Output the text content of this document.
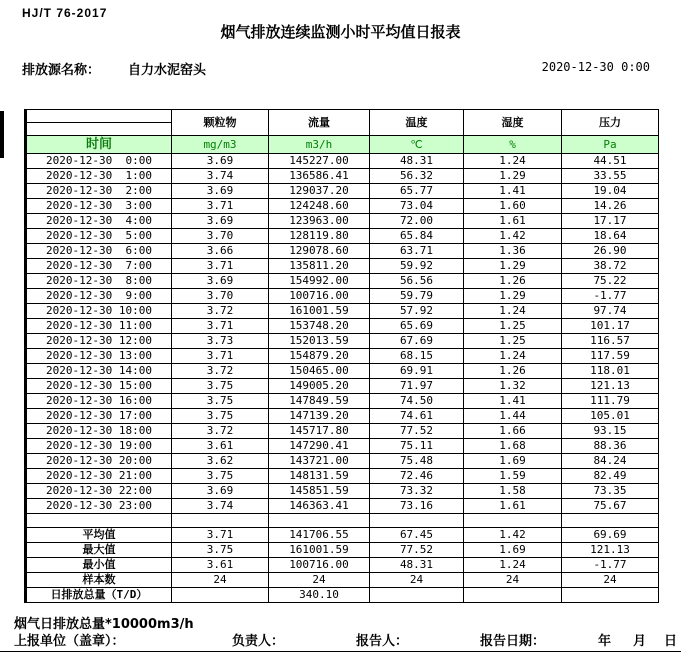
HJ/T 76-2017
烟气排放连续监测小时平均值日报表
排放源名称： 自力水泥窑头	2020-12-30 0:00
	颗粒物	流量	温度	湿度	压力

时间	mg/m3	m3/h	℃	%	Pa
2020-12-30  0:00	3.69	145227.00	48.31	1.24	44.51
2020-12-30  1:00	3.74	136586.41	56.32	1.29	33.55
2020-12-30  2:00	3.69	129037.20	65.77	1.41	19.04
2020-12-30  3:00	3.71	124248.60	73.04	1.60	14.26
2020-12-30  4:00	3.69	123963.00	72.00	1.61	17.17
2020-12-30  5:00	3.70	128119.80	65.84	1.42	18.64
2020-12-30  6:00	3.66	129078.60	63.71	1.36	26.90
2020-12-30  7:00	3.71	135811.20	59.92	1.29	38.72
2020-12-30  8:00	3.69	154992.00	56.56	1.26	75.22
2020-12-30  9:00	3.70	100716.00	59.79	1.29	-1.77
2020-12-30 10:00	3.72	161001.59	57.92	1.24	97.74
2020-12-30 11:00	3.71	153748.20	65.69	1.25	101.17
2020-12-30 12:00	3.73	152013.59	67.69	1.25	116.57
2020-12-30 13:00	3.71	154879.20	68.15	1.24	117.59
2020-12-30 14:00	3.72	150465.00	69.91	1.26	118.01
2020-12-30 15:00	3.75	149005.20	71.97	1.32	121.13
2020-12-30 16:00	3.75	147849.59	74.50	1.41	111.79
2020-12-30 17:00	3.75	147139.20	74.61	1.44	105.01
2020-12-30 18:00	3.72	145717.80	77.52	1.66	93.15
2020-12-30 19:00	3.61	147290.41	75.11	1.68	88.36
2020-12-30 20:00	3.62	143721.00	75.48	1.69	84.24
2020-12-30 21:00	3.75	148131.59	72.46	1.59	82.49
2020-12-30 22:00	3.69	145851.59	73.32	1.58	73.35
2020-12-30 23:00	3.74	146363.41	73.16	1.61	75.67

平均值	3.71	141706.55	67.45	1.42	69.69
最大值	3.75	161001.59	77.52	1.69	121.13
最小值	3.61	100716.00	48.31	1.24	-1.77
样本数	24	24	24	24	24
日排放总量（T/D）		340.10			
烟气日排放总量*10000m3/h
上报单位（盖章）：	负责人：	报告人：	报告日期：	年 月 日
